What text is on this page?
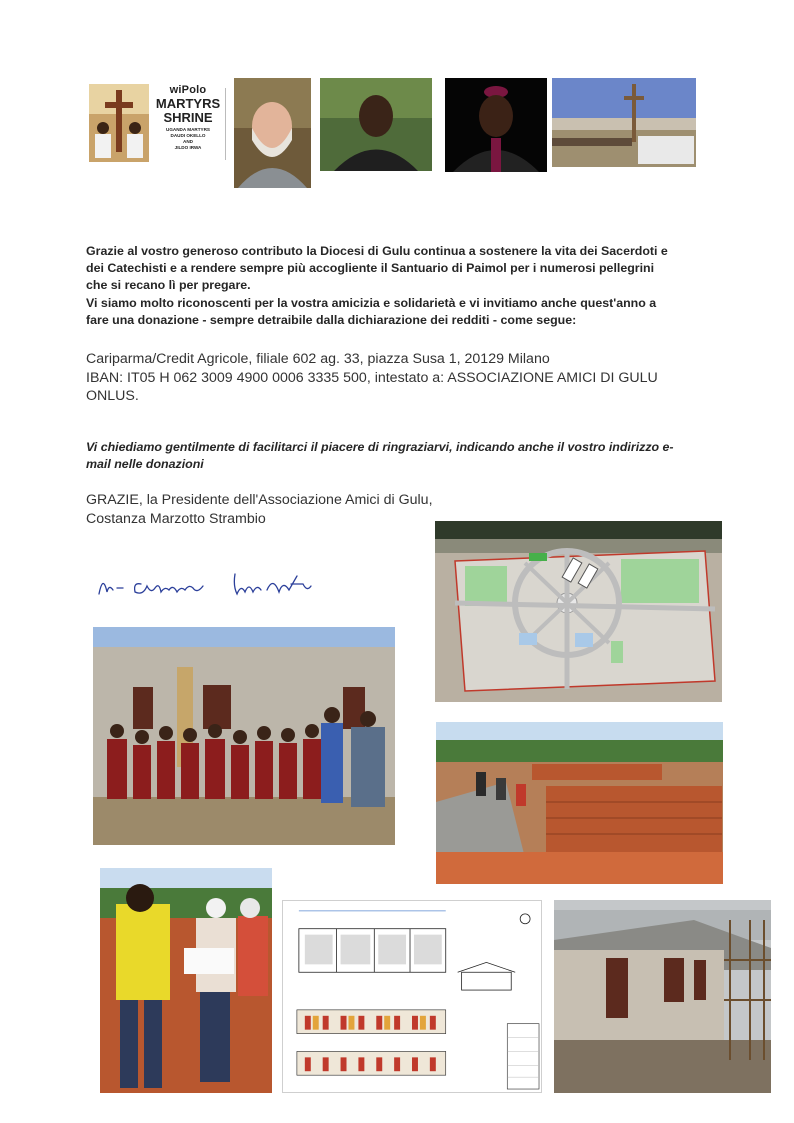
wiPolo
MARTYRS
SHRINE
UGANDA MARTYRS
DAUDI OKELLO
AND
JILDO IRWA

Grazie al vostro generoso contributo la Diocesi di Gulu continua a sostenere la vita dei Sacerdoti e

dei Catechisti e a rendere sempre più accogliente il Santuario di Paimol per i numerosi pellegrini

che si recano lì per pregare.

Vi siamo molto riconoscenti per la vostra amicizia e solidarietà e vi invitiamo anche quest'anno a

fare una donazione - sempre detraibile dalla dichiarazione dei redditi - come segue:

Cariparma/Credit Agricole, filiale 602 ag. 33, piazza Susa 1, 20129 Milano

IBAN: IT05 H 062 3009 4900 0006 3335 500, intestato a: ASSOCIAZIONE AMICI DI GULU

ONLUS.

Vi chiediamo gentilmente di facilitarci il piacere di ringraziarvi, indicando anche il vostro indirizzo e-
mail nelle donazioni

GRAZIE, la Presidente dell'Associazione Amici di Gulu,

Costanza Marzotto Strambio
